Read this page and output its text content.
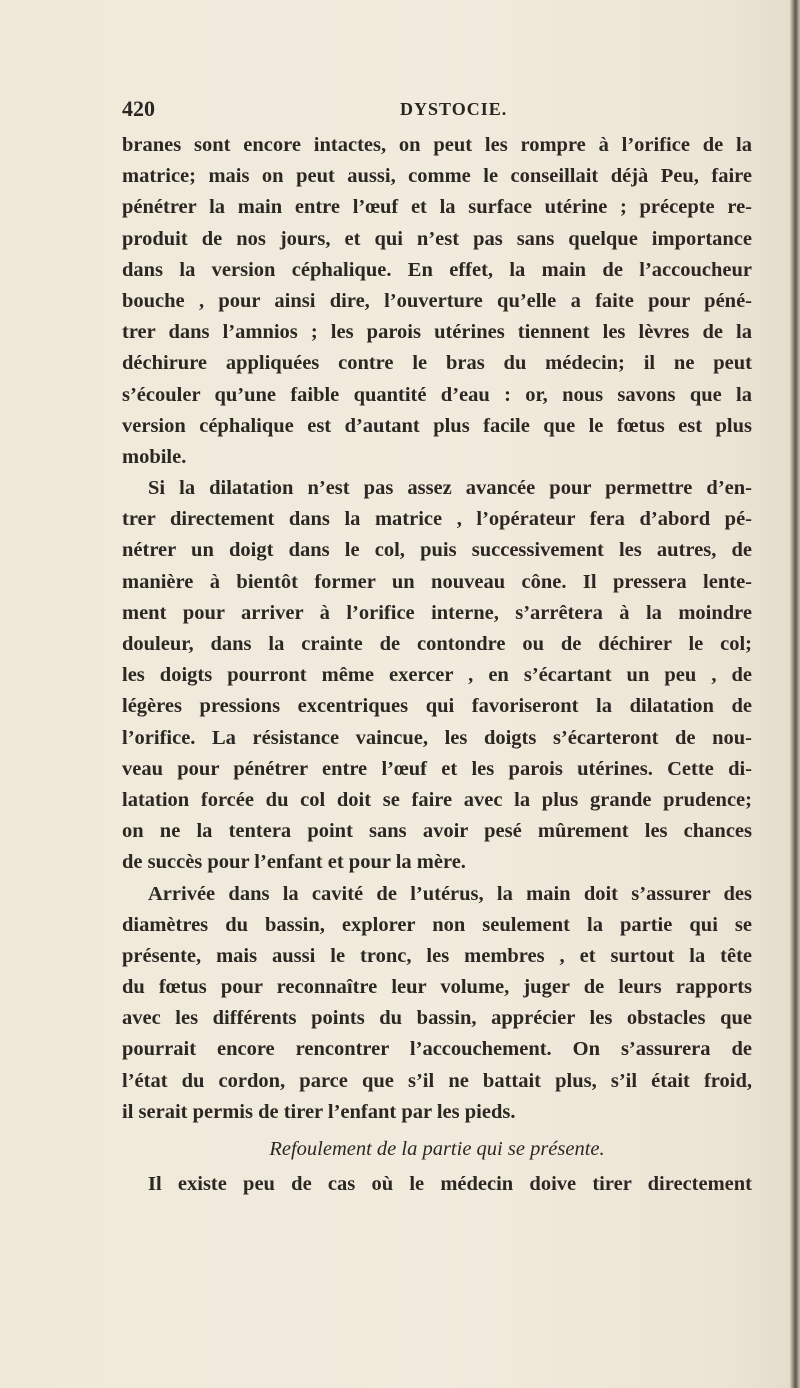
420	DYSTOCIE.
branes sont encore intactes, on peut les rompre à l’orifice de la
matrice; mais on peut aussi, comme le conseillait déjà Peu, faire
pénétrer la main entre l’œuf et la surface utérine ; précepte re-
produit de nos jours, et qui n’est pas sans quelque importance
dans la version céphalique. En effet, la main de l’accoucheur
bouche , pour ainsi dire, l’ouverture qu’elle a faite pour péné-
trer dans l’amnios ; les parois utérines tiennent les lèvres de la
déchirure appliquées contre le bras du médecin; il ne peut
s’écouler qu’une faible quantité d’eau : or, nous savons que la
version céphalique est d’autant plus facile que le fœtus est plus
mobile.
Si la dilatation n’est pas assez avancée pour permettre d’en-
trer directement dans la matrice , l’opérateur fera d’abord pé-
nétrer un doigt dans le col, puis successivement les autres, de
manière à bientôt former un nouveau cône. Il pressera lente-
ment pour arriver à l’orifice interne, s’arrêtera à la moindre
douleur, dans la crainte de contondre ou de déchirer le col;
les doigts pourront même exercer , en s’écartant un peu , de
légères pressions excentriques qui favoriseront la dilatation de
l’orifice. La résistance vaincue, les doigts s’écarteront de nou-
veau pour pénétrer entre l’œuf et les parois utérines. Cette di-
latation forcée du col doit se faire avec la plus grande prudence;
on ne la tentera point sans avoir pesé mûrement les chances
de succès pour l’enfant et pour la mère.
Arrivée dans la cavité de l’utérus, la main doit s’assurer des
diamètres du bassin, explorer non seulement la partie qui se
présente, mais aussi le tronc, les membres , et surtout la tête
du fœtus pour reconnaître leur volume, juger de leurs rapports
avec les différents points du bassin, apprécier les obstacles que
pourrait encore rencontrer l’accouchement. On s’assurera de
l’état du cordon, parce que s’il ne battait plus, s’il était froid,
il serait permis de tirer l’enfant par les pieds.
Refoulement de la partie qui se présente.
Il existe peu de cas où le médecin doive tirer directement
